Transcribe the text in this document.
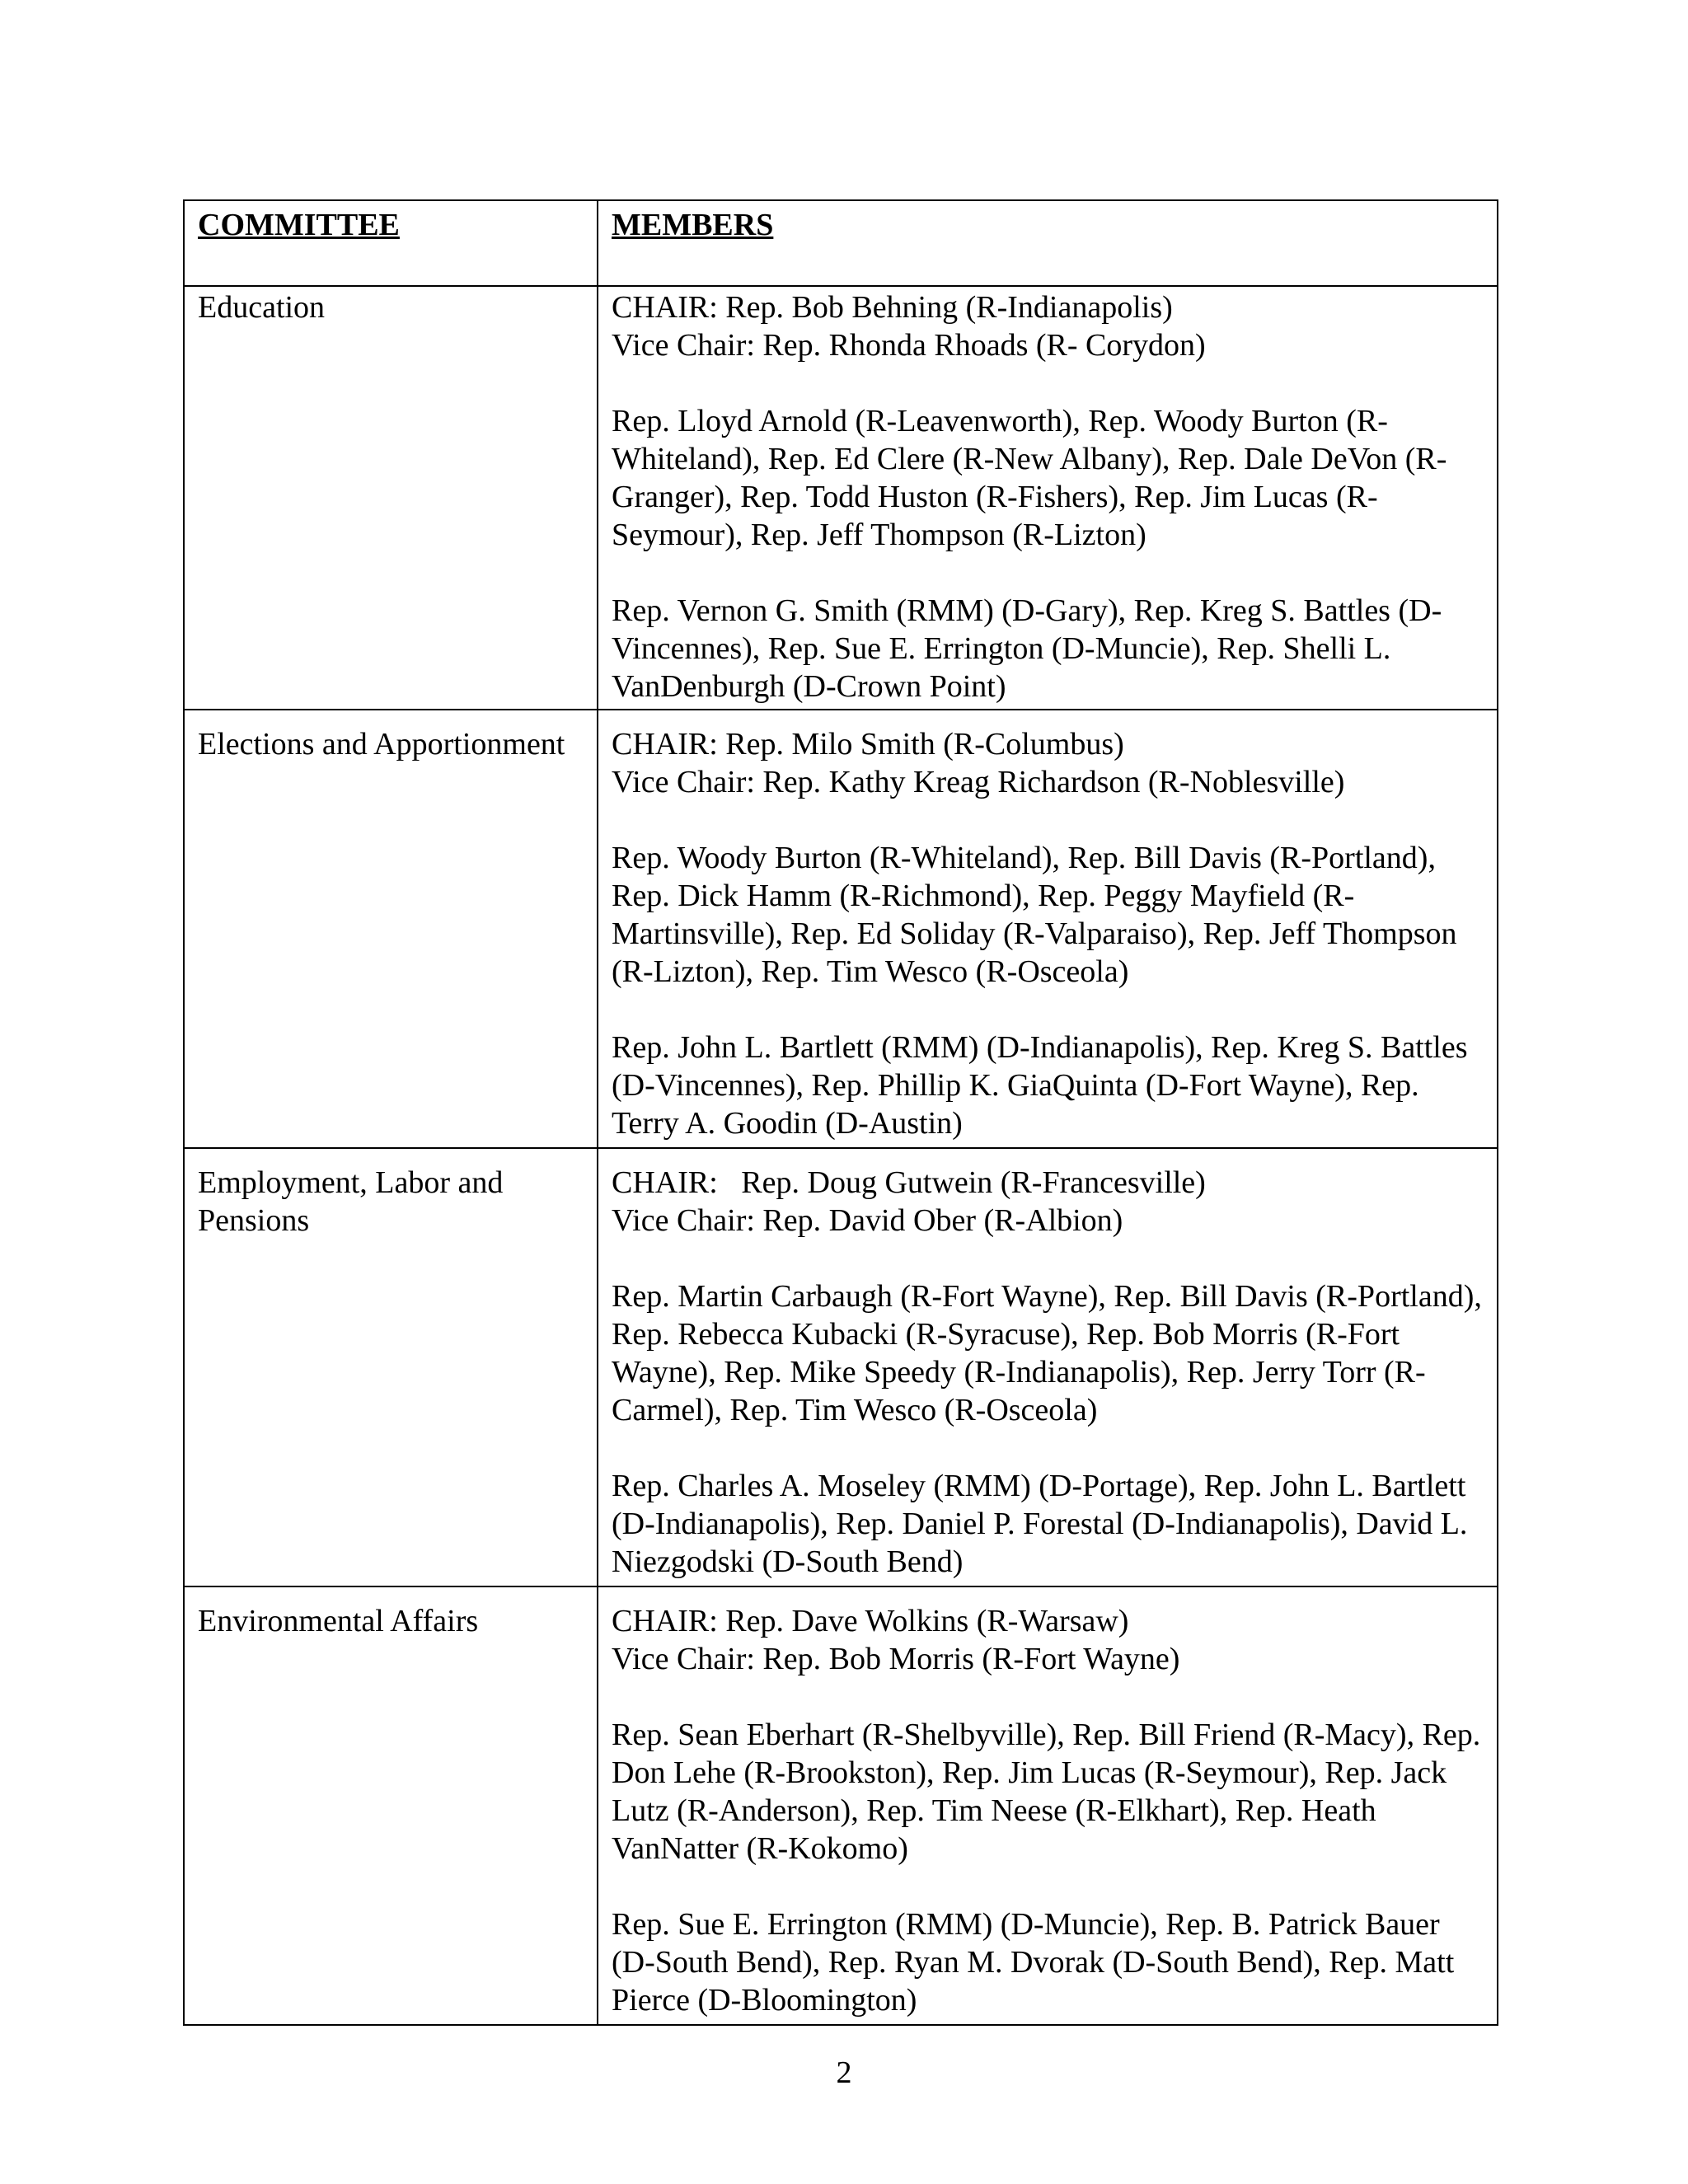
COMMITTEE	MEMBERS
Education	CHAIR: Rep. Bob Behning (R-Indianapolis)

Vice Chair: Rep. Rhonda Rhoads (R- Corydon)

Rep. Lloyd Arnold (R-Leavenworth), Rep. Woody Burton (R-Whiteland), Rep. Ed Clere (R-New Albany), Rep. Dale DeVon (R-Granger), Rep. Todd Huston (R-Fishers), Rep. Jim Lucas (R-Seymour), Rep. Jeff Thompson (R-Lizton)

Rep. Vernon G. Smith (RMM) (D-Gary), Rep. Kreg S. Battles (D-Vincennes), Rep. Sue E. Errington (D-Muncie), Rep. Shelli L. VanDenburgh (D-Crown Point)

Elections and Apportionment	CHAIR: Rep. Milo Smith (R-Columbus)

Vice Chair: Rep. Kathy Kreag Richardson (R-Noblesville)

Rep. Woody Burton (R-Whiteland), Rep. Bill Davis (R-Portland), Rep. Dick Hamm (R-Richmond), Rep. Peggy Mayfield (R-Martinsville), Rep. Ed Soliday (R-Valparaiso), Rep. Jeff Thompson (R-Lizton), Rep. Tim Wesco (R-Osceola)

Rep. John L. Bartlett (RMM) (D-Indianapolis), Rep. Kreg S. Battles (D-Vincennes), Rep. Phillip K. GiaQuinta (D-Fort Wayne), Rep. Terry A. Goodin (D-Austin)

Employment, Labor and Pensions	CHAIR:   Rep. Doug Gutwein (R-Francesville)

Vice Chair: Rep. David Ober (R-Albion)

Rep. Martin Carbaugh (R-Fort Wayne), Rep. Bill Davis (R-Portland), Rep. Rebecca Kubacki (R-Syracuse), Rep. Bob Morris (R-Fort Wayne), Rep. Mike Speedy (R-Indianapolis), Rep. Jerry Torr (R-Carmel), Rep. Tim Wesco (R-Osceola)

Rep. Charles A. Moseley (RMM) (D-Portage), Rep. John L. Bartlett (D-Indianapolis), Rep. Daniel P. Forestal (D-Indianapolis), David L. Niezgodski (D-South Bend)

Environmental Affairs	CHAIR: Rep. Dave Wolkins (R-Warsaw)

Vice Chair: Rep. Bob Morris (R-Fort Wayne)

Rep. Sean Eberhart (R-Shelbyville), Rep. Bill Friend (R-Macy), Rep. Don Lehe (R-Brookston), Rep. Jim Lucas (R-Seymour), Rep. Jack Lutz (R-Anderson), Rep. Tim Neese (R-Elkhart), Rep. Heath VanNatter (R-Kokomo)

Rep. Sue E. Errington (RMM) (D-Muncie), Rep. B. Patrick Bauer (D-South Bend), Rep. Ryan M. Dvorak (D-South Bend), Rep. Matt Pierce (D-Bloomington)

2
